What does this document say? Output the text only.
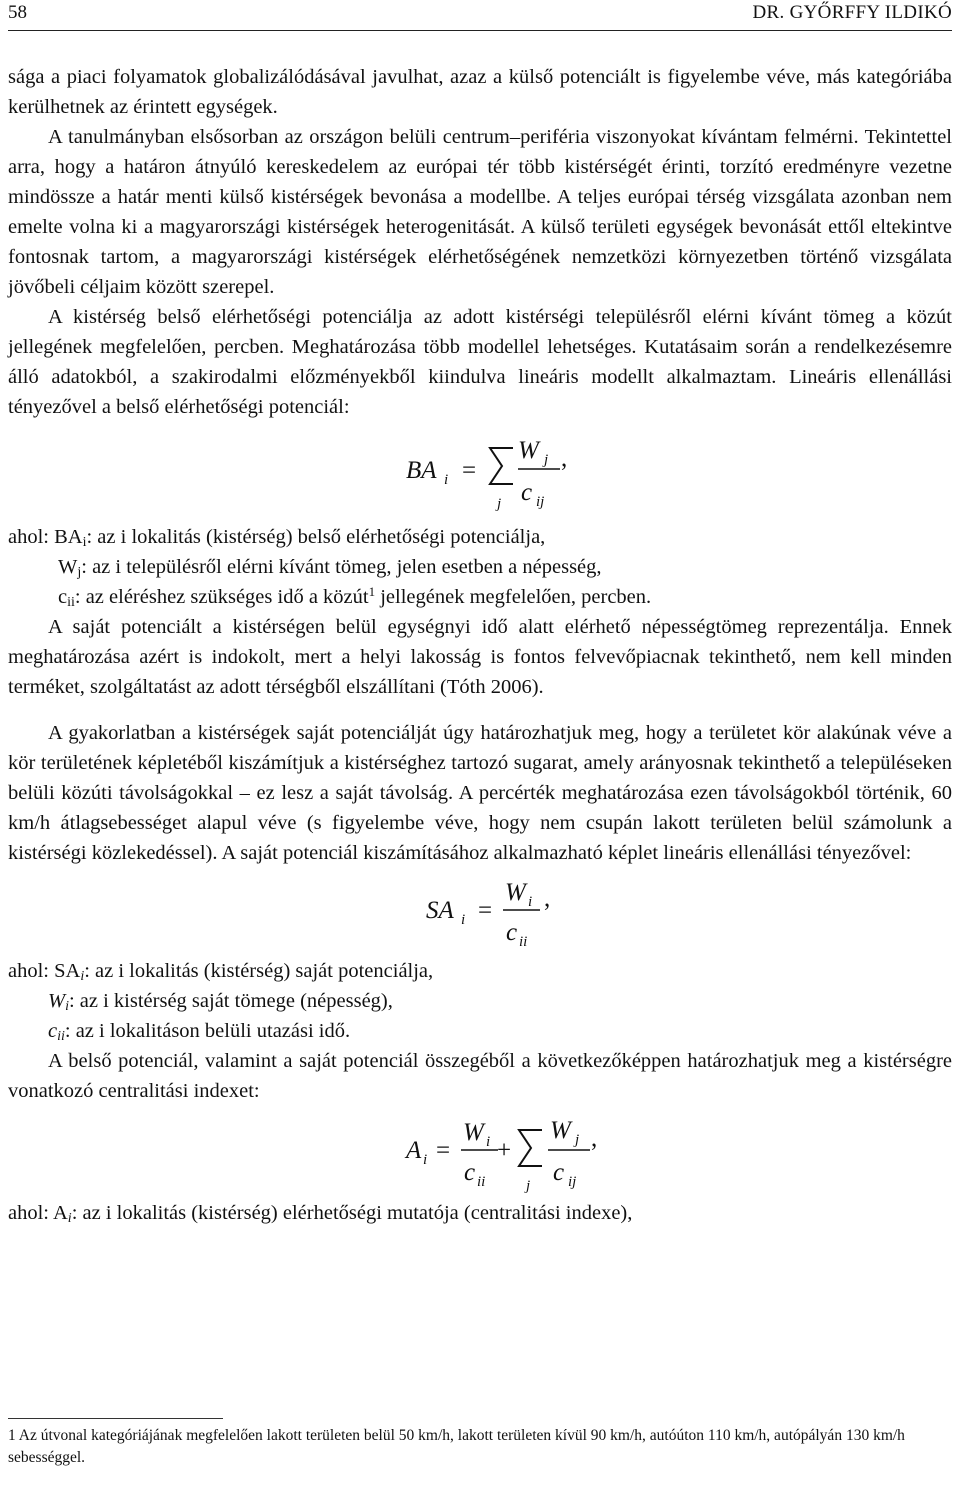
58	DR. GYŐRFFY ILDIKÓ

sága a piaci folyamatok globalizálódásával javulhat, azaz a külső potenciált is figyelembe véve, más kategóriába kerülhetnek az érintett egységek.

A tanulmányban elsősorban az országon belüli centrum–periféria viszonyokat kívántam felmérni. Tekintettel arra, hogy a határon átnyúló kereskedelem az európai tér több kistérségét érinti, torzító eredményre vezetne mindössze a határ menti külső kistérségek bevonása a modellbe. A teljes európai térség vizsgálata azonban nem emelte volna ki a magyarországi kistérségek heterogenitását. A külső területi egységek bevonását ettől eltekintve fontosnak tartom, a magyarországi kistérségek elérhetőségének nemzetközi környezetben történő vizsgálata jövőbeli céljaim között szerepel.

A kistérség belső elérhetőségi potenciálja az adott kistérségi településről elérni kívánt tömeg a közút jellegének megfelelően, percben. Meghatározása több modellel lehetséges. Kutatásaim során a rendelkezésemre álló adatokból, a szakirodalmi előzményekből kiindulva lineáris modellt alkalmaztam. Lineáris ellenállási tényezővel a belső elérhetőségi potenciál:

BA i =
j
W j
c ij
,
ahol: $BA_i$: az i lokalitás (kistérség) belső elérhetőségi potenciálja,
$W_j$: az i településről elérni kívánt tömeg, jelen esetben a népesség,
$c_{ii}$: az eléréshez szükséges idő a közút$^1$ jellegének megfelelően, percben.

A saját potenciált a kistérségen belül egységnyi idő alatt elérhető népességtömeg reprezentálja. Ennek meghatározása azért is indokolt, mert a helyi lakosság is fontos felvevőpiacnak tekinthető, nem kell minden terméket, szolgáltatást az adott térségből elszállítani (Tóth 2006).

A gyakorlatban a kistérségek saját potenciálját úgy határozhatjuk meg, hogy a területet kör alakúnak véve a kör területének képletéből kiszámítjuk a kistérséghez tartozó sugarat, amely arányosnak tekinthető a településeken belüli közúti távolságokkal – ez lesz a saját távolság. A percérték meghatározása ezen távolságokból történik, 60 km/h átlagsebességet alapul véve (s figyelembe véve, hogy nem csupán lakott területen belül számolunk a kistérségi közlekedéssel). A saját potenciál kiszámításához alkalmazható képlet lineáris ellenállási tényezővel:

SA i =
W i
c ii
,
ahol: $SA_i$: az i lokalitás (kistérség) saját potenciálja,
$W_i$: az i kistérség saját tömege (népesség),
$c_{ii}$: az i lokalitáson belüli utazási idő.

A belső potenciál, valamint a saját potenciál összegéből a következőképpen határozhatjuk meg a kistérségre vonatkozó centralitási indexet:

A i =
W i
c ii
+
j
W j
c ij
,
ahol: $A_i$: az i lokalitás (kistérség) elérhetőségi mutatója (centralitási indexe),
1 Az útvonal kategóriájának megfelelően lakott területen belül 50 km/h, lakott területen kívül 90 km/h, autóúton 110 km/h, autópályán 130 km/h sebességgel.
